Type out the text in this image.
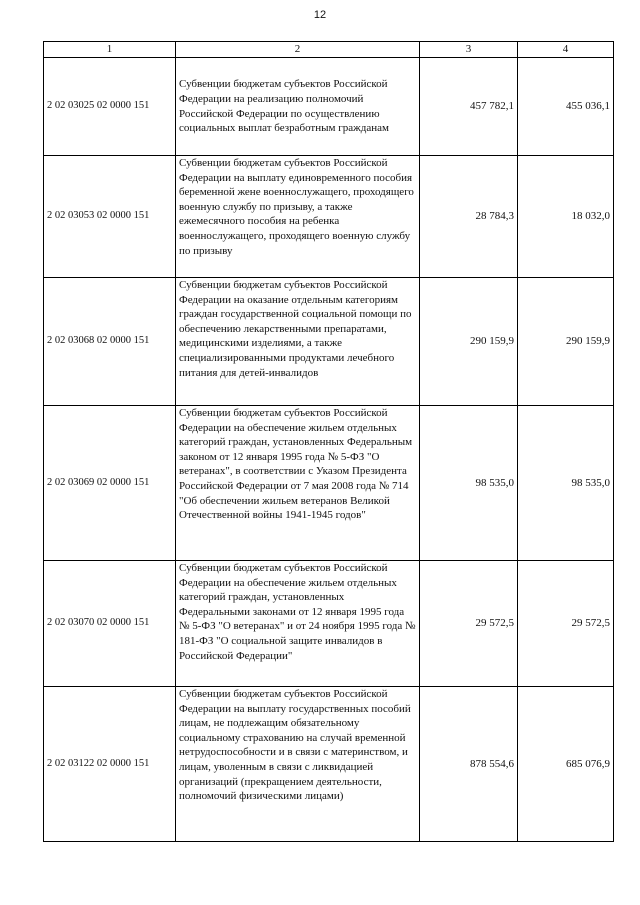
12
1	2	3	4
2 02 03025 02 0000 151	Субвенции бюджетам субъектов Российской Федерации на реализацию полномочий Российской Федерации по осуществлению социальных выплат безработным гражданам	457 782,1	455 036,1
2 02 03053 02 0000 151	Субвенции бюджетам субъектов Российской Федерации на выплату единовременного пособия беременной жене военнослужащего, проходящего военную службу по призыву, а также ежемесячного пособия на ребенка военнослужащего, проходящего военную службу по призыву	28 784,3	18 032,0
2 02 03068 02 0000 151	Субвенции бюджетам субъектов Российской Федерации на оказание отдельным категориям граждан государственной социальной помощи по обеспечению лекарственными препаратами, медицинскими изделиями, а также специализированными продуктами лечебного питания для детей-инвалидов	290 159,9	290 159,9
2 02 03069 02 0000 151	Субвенции бюджетам субъектов Российской Федерации на обеспечение жильем отдельных категорий граждан, установленных Федеральным законом от 12 января 1995 года № 5-ФЗ "О ветеранах", в соответствии с Указом Президента Российской Федерации от 7 мая 2008 года № 714 "Об обеспечении жильем ветеранов Великой Отечественной войны 1941-1945 годов"	98 535,0	98 535,0
2 02 03070 02 0000 151	Субвенции бюджетам субъектов Российской Федерации на обеспечение жильем отдельных категорий граждан, установленных Федеральными законами от 12 января 1995 года № 5-ФЗ "О ветеранах" и от 24 ноября 1995 года № 181-ФЗ "О социальной защите инвалидов в Российской Федерации"	29 572,5	29 572,5
2 02 03122 02 0000 151	Субвенции бюджетам субъектов Российской Федерации на выплату государственных пособий лицам, не подлежащим обязательному социальному страхованию на случай временной нетрудоспособности и в связи с материнством, и лицам, уволенным в связи с ликвидацией организаций (прекращением деятельности, полномочий физическими лицами)	878 554,6	685 076,9
